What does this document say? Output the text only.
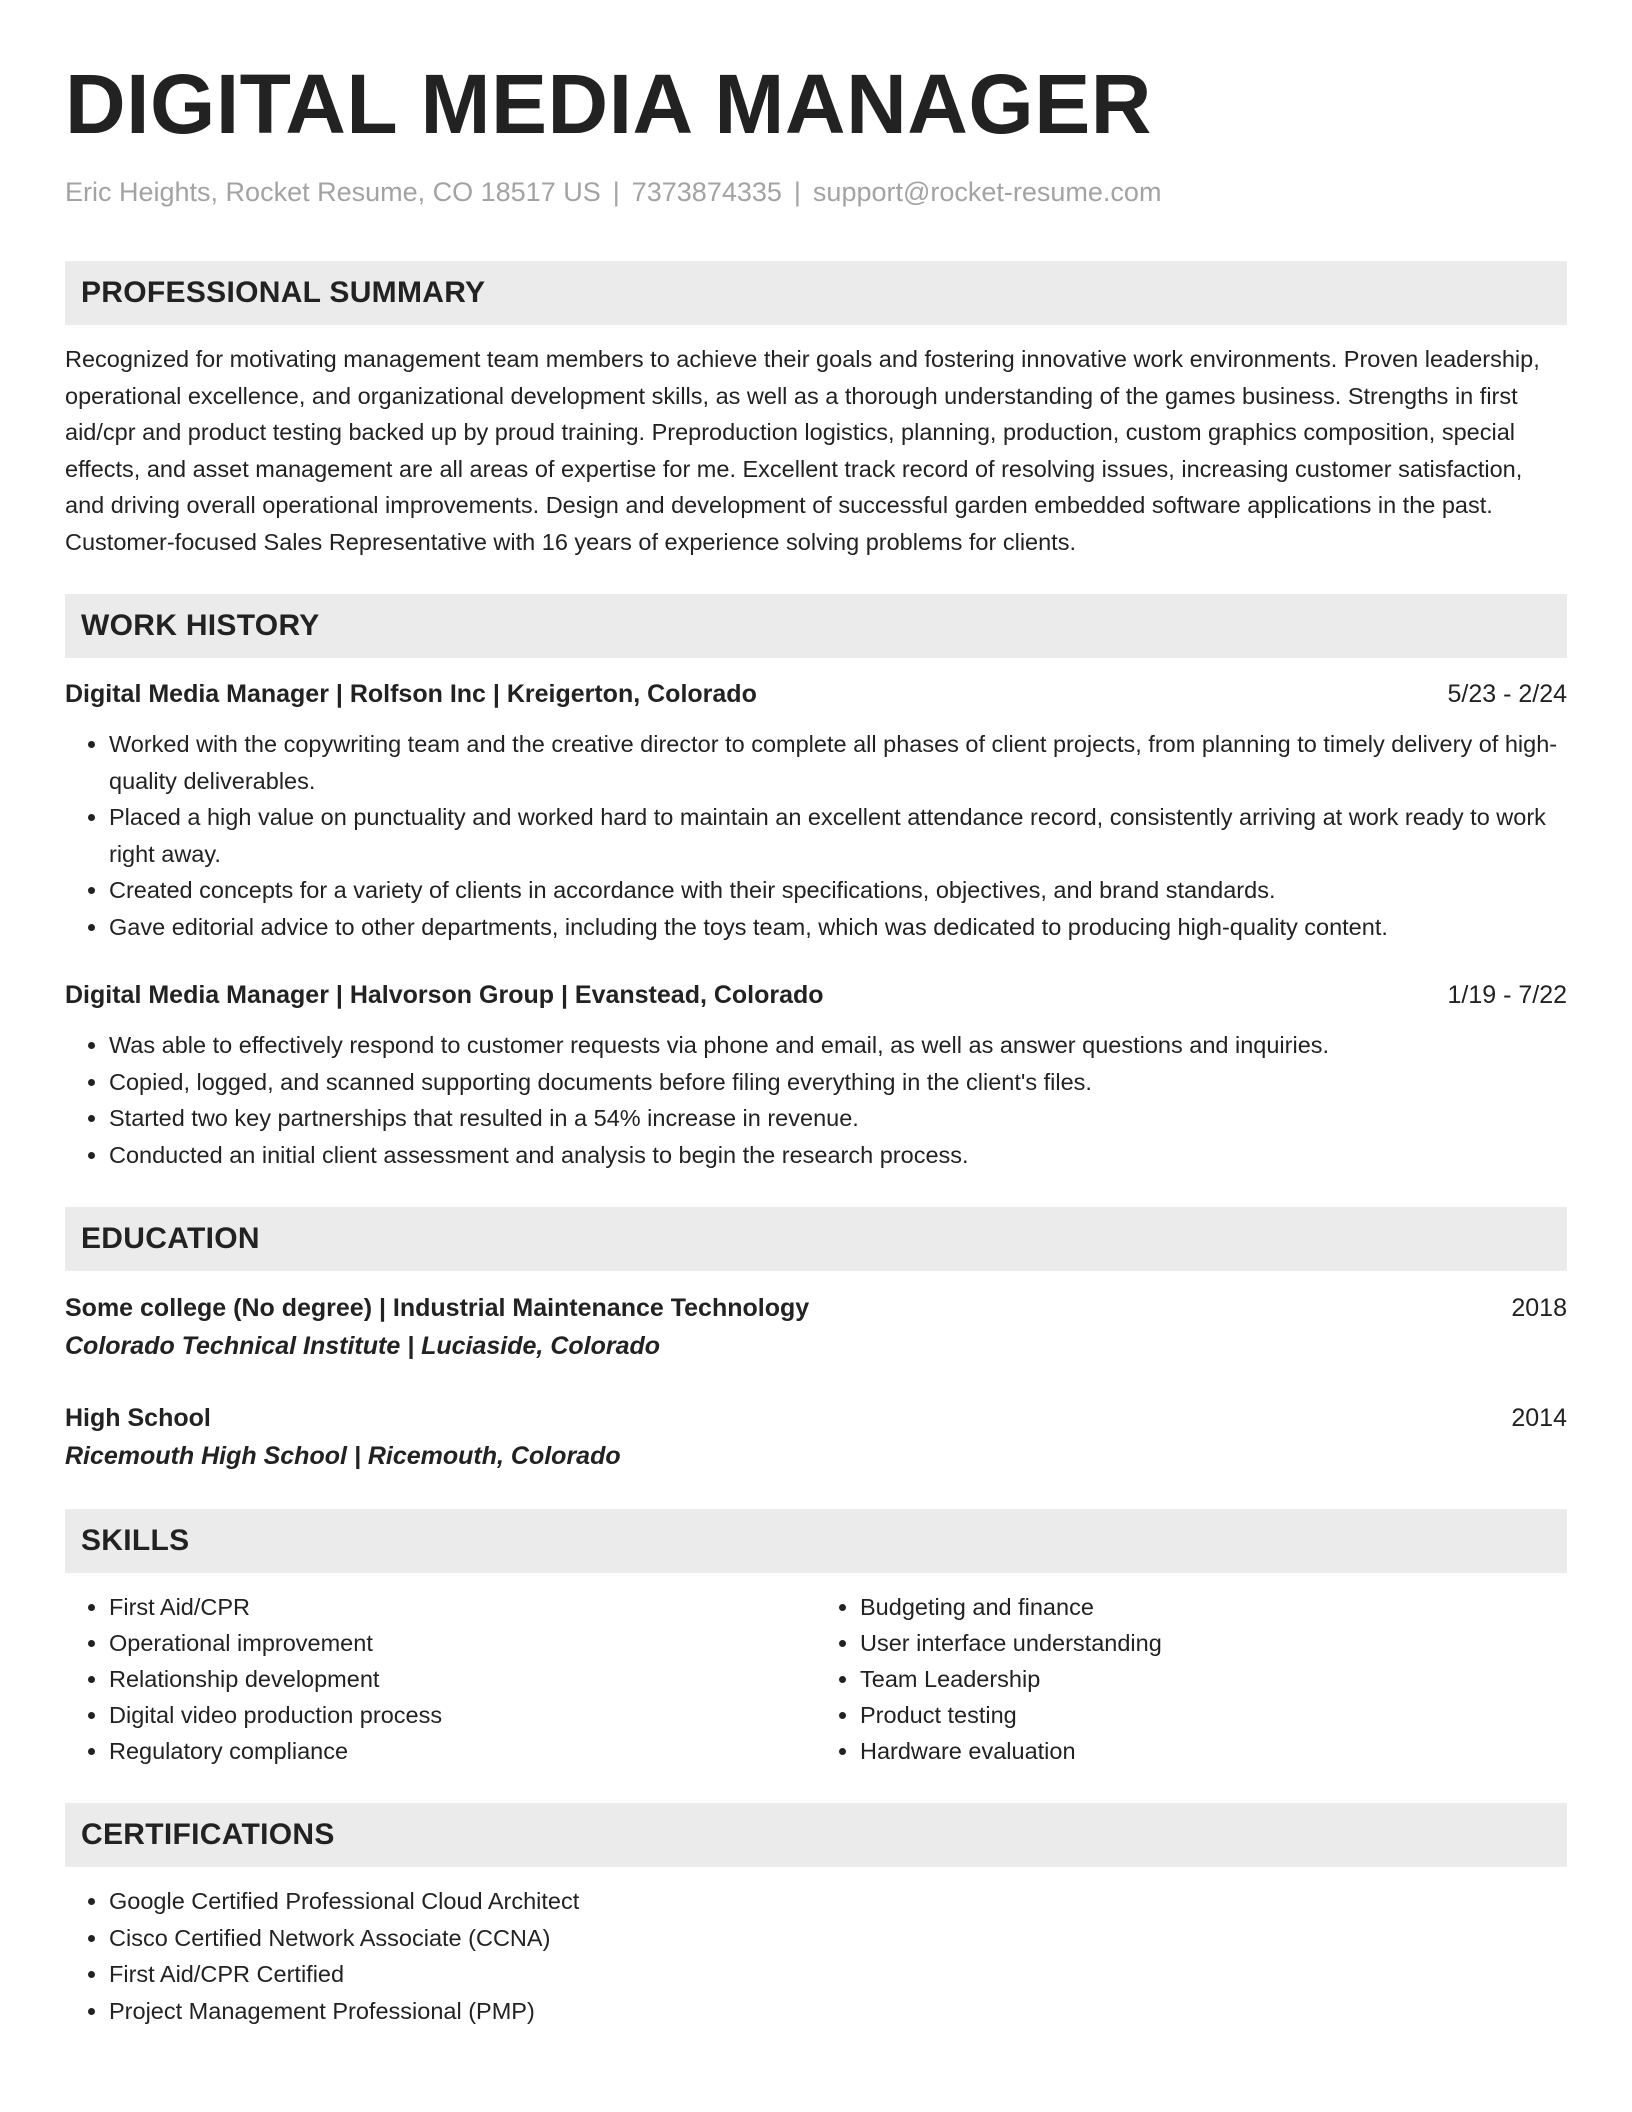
DIGITAL MEDIA MANAGER
Eric Heights, Rocket Resume, CO 18517 US | 7373874335 | support@rocket-resume.com
PROFESSIONAL SUMMARY
Recognized for motivating management team members to achieve their goals and fostering innovative work environments. Proven leadership, operational excellence, and organizational development skills, as well as a thorough understanding of the games business. Strengths in first aid/cpr and product testing backed up by proud training. Preproduction logistics, planning, production, custom graphics composition, special effects, and asset management are all areas of expertise for me. Excellent track record of resolving issues, increasing customer satisfaction, and driving overall operational improvements. Design and development of successful garden embedded software applications in the past. Customer-focused Sales Representative with 16 years of experience solving problems for clients.
WORK HISTORY
Digital Media Manager | Rolfson Inc | Kreigerton, Colorado	5/23 - 2/24
• Worked with the copywriting team and the creative director to complete all phases of client projects, from planning to timely delivery of high-quality deliverables.
• Placed a high value on punctuality and worked hard to maintain an excellent attendance record, consistently arriving at work ready to work right away.
• Created concepts for a variety of clients in accordance with their specifications, objectives, and brand standards.
• Gave editorial advice to other departments, including the toys team, which was dedicated to producing high-quality content.
Digital Media Manager | Halvorson Group | Evanstead, Colorado	1/19 - 7/22
• Was able to effectively respond to customer requests via phone and email, as well as answer questions and inquiries.
• Copied, logged, and scanned supporting documents before filing everything in the client's files.
• Started two key partnerships that resulted in a 54% increase in revenue.
• Conducted an initial client assessment and analysis to begin the research process.
EDUCATION
Some college (No degree) | Industrial Maintenance Technology	2018
Colorado Technical Institute | Luciaside, Colorado
High School	2014
Ricemouth High School | Ricemouth, Colorado
SKILLS
• First Aid/CPR
• Operational improvement
• Relationship development
• Digital video production process
• Regulatory compliance
• Budgeting and finance
• User interface understanding
• Team Leadership
• Product testing
• Hardware evaluation
CERTIFICATIONS
• Google Certified Professional Cloud Architect
• Cisco Certified Network Associate (CCNA)
• First Aid/CPR Certified
• Project Management Professional (PMP)
